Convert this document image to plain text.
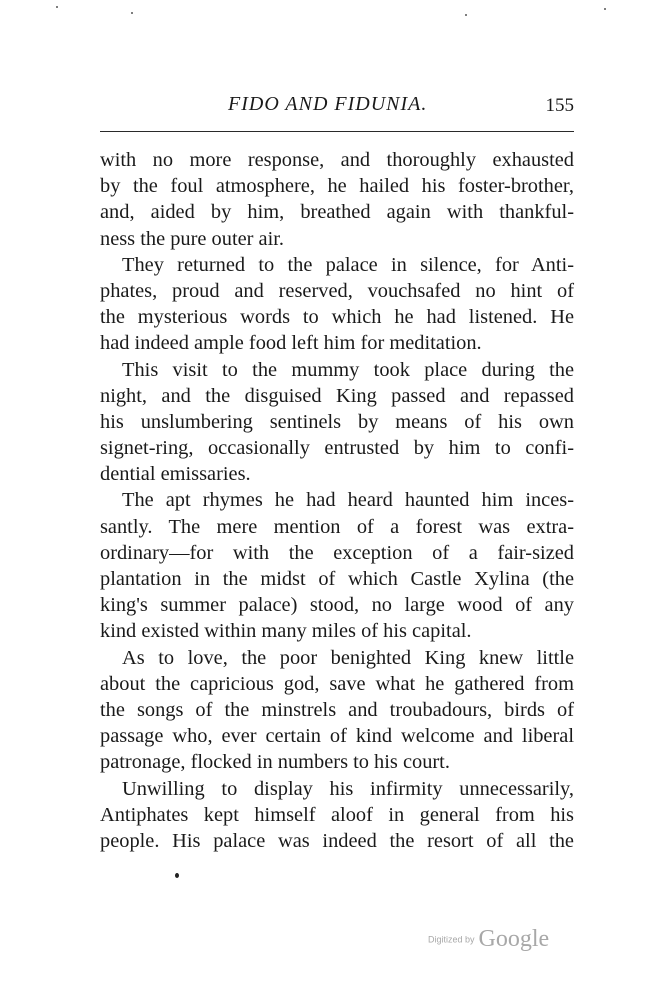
FIDO AND FIDUNIA.	155
with no more response, and thoroughly exhausted
by the foul atmosphere, he hailed his foster-brother,
and, aided by him, breathed again with thankful-
ness the pure outer air.
They returned to the palace in silence, for Anti-
phates, proud and reserved, vouchsafed no hint of
the mysterious words to which he had listened. He
had indeed ample food left him for meditation.
This visit to the mummy took place during the
night, and the disguised King passed and repassed
his unslumbering sentinels by means of his own
signet-ring, occasionally entrusted by him to confi-
dential emissaries.
The apt rhymes he had heard haunted him inces-
santly. The mere mention of a forest was extra-
ordinary—for with the exception of a fair-sized
plantation in the midst of which Castle Xylina (the
king's summer palace) stood, no large wood of any
kind existed within many miles of his capital.
As to love, the poor benighted King knew little
about the capricious god, save what he gathered from
the songs of the minstrels and troubadours, birds of
passage who, ever certain of kind welcome and liberal
patronage, flocked in numbers to his court.
Unwilling to display his infirmity unnecessarily,
Antiphates kept himself aloof in general from his
people. His palace was indeed the resort of all the
Digitized by Google
